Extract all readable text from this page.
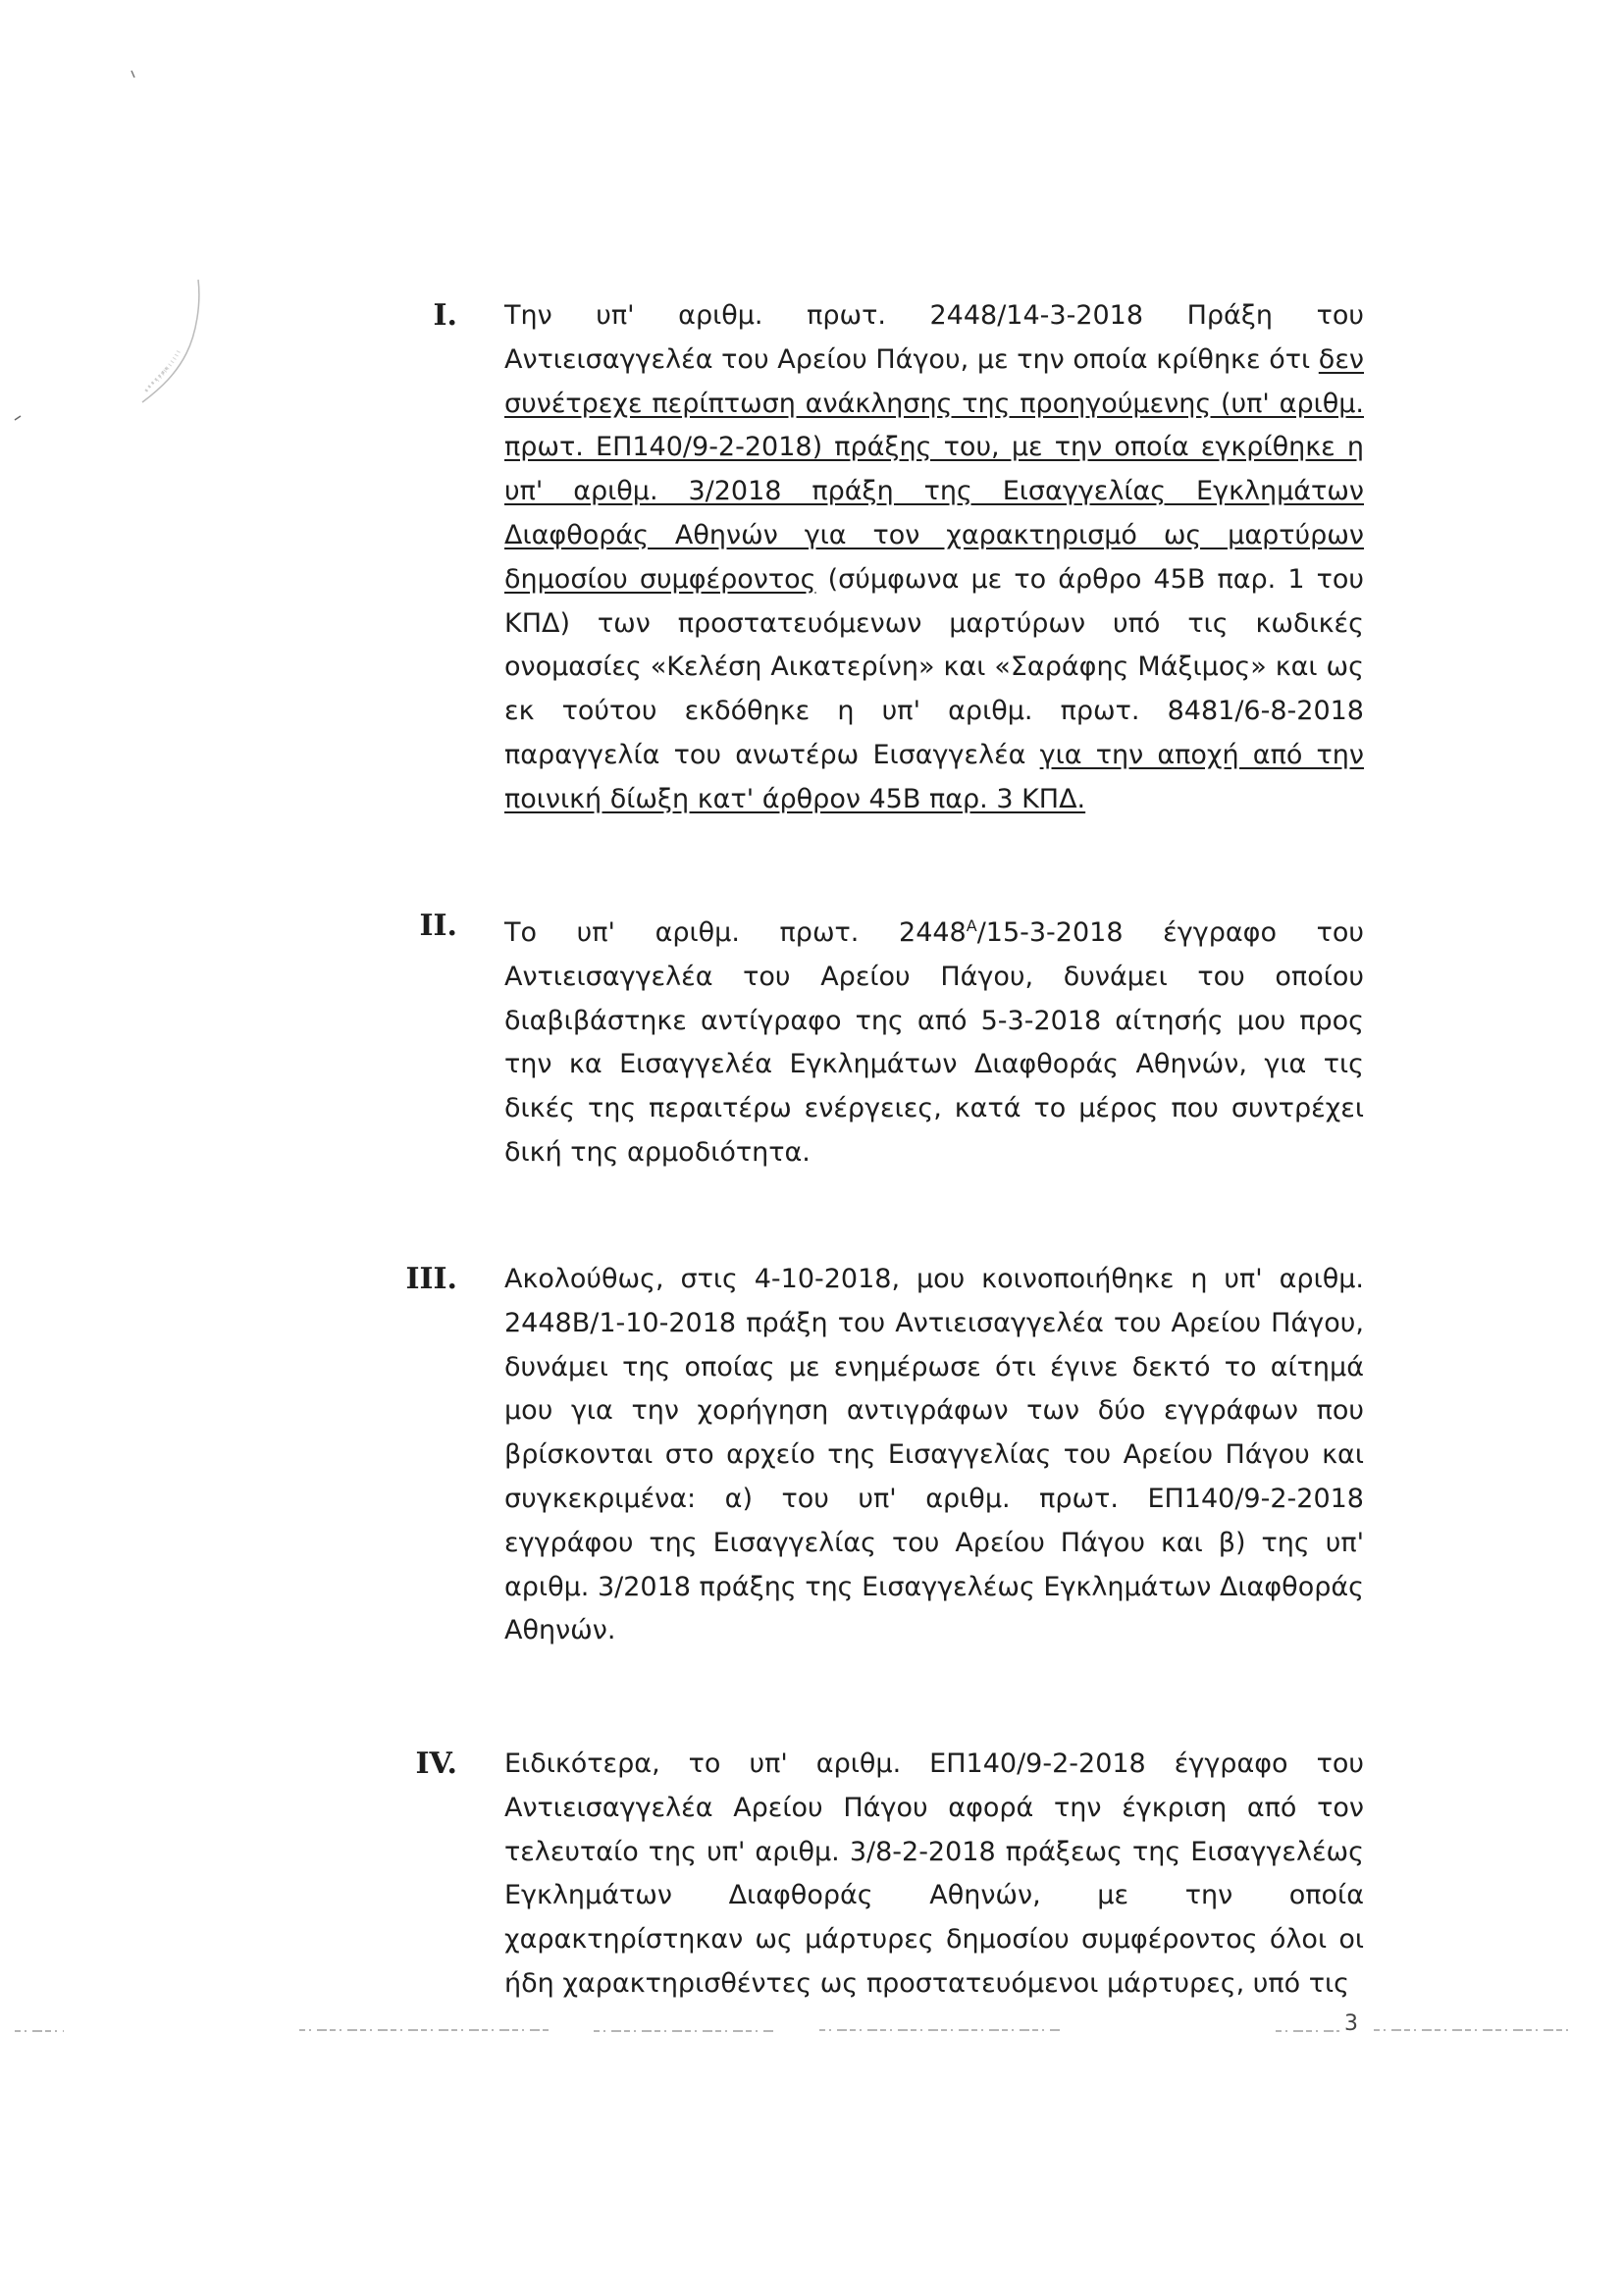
I. Την υπ' αριθμ. πρωτ. 2448/14-3-2018 Πράξη του Αντιεισαγγελέα του Αρείου Πάγου, με την οποία κρίθηκε ότι δεν συνέτρεχε περίπτωση ανάκλησης της προηγούμενης (υπ' αριθμ. πρωτ. ΕΠ140/9-2-2018) πράξης του, με την οποία εγκρίθηκε η υπ' αριθμ. 3/2018 πράξη της Εισαγγελίας Εγκλημάτων Διαφθοράς Αθηνών για τον χαρακτηρισμό ως μαρτύρων δημοσίου συμφέροντος (σύμφωνα με το άρθρο 45Β παρ. 1 του ΚΠΔ) των προστατευόμενων μαρτύρων υπό τις κωδικές ονομασίες «Κελέση Αικατερίνη» και «Σαράφης Μάξιμος» και ως εκ τούτου εκδόθηκε η υπ' αριθμ. πρωτ. 8481/6-8-2018 παραγγελία του ανωτέρω Εισαγγελέα για την αποχή από την ποινική δίωξη κατ' άρθρον 45Β παρ. 3 ΚΠΔ.
II. Το υπ' αριθμ. πρωτ. $2448^A/15-3-2018$ έγγραφο του Αντιεισαγγελέα του Αρείου Πάγου, δυνάμει του οποίου διαβιβάστηκε αντίγραφο της από 5-3-2018 αίτησής μου προς την κα Εισαγγελέα Εγκλημάτων Διαφθοράς Αθηνών, για τις δικές της περαιτέρω ενέργειες, κατά το μέρος που συντρέχει δική της αρμοδιότητα.
III. Ακολούθως, στις 4-10-2018, μου κοινοποιήθηκε η υπ' αριθμ. 2448Β/1-10-2018 πράξη του Αντιεισαγγελέα του Αρείου Πάγου, δυνάμει της οποίας με ενημέρωσε ότι έγινε δεκτό το αίτημά μου για την χορήγηση αντιγράφων των δύο εγγράφων που βρίσκονται στο αρχείο της Εισαγγελίας του Αρείου Πάγου και συγκεκριμένα: α) του υπ' αριθμ. πρωτ. ΕΠ140/9-2-2018 εγγράφου της Εισαγγελίας του Αρείου Πάγου και β) της υπ' αριθμ. 3/2018 πράξης της Εισαγγελέως Εγκλημάτων Διαφθοράς Αθηνών.
IV. Ειδικότερα, το υπ' αριθμ. ΕΠ140/9-2-2018 έγγραφο του Αντιεισαγγελέα Αρείου Πάγου αφορά την έγκριση από τον τελευταίο της υπ' αριθμ. 3/8-2-2018 πράξεως της Εισαγγελέως Εγκλημάτων Διαφθοράς Αθηνών, με την οποία χαρακτηρίστηκαν ως μάρτυρες δημοσίου συμφέροντος όλοι οι ήδη χαρακτηρισθέντες ως προστατευόμενοι μάρτυρες, υπό τις
3
